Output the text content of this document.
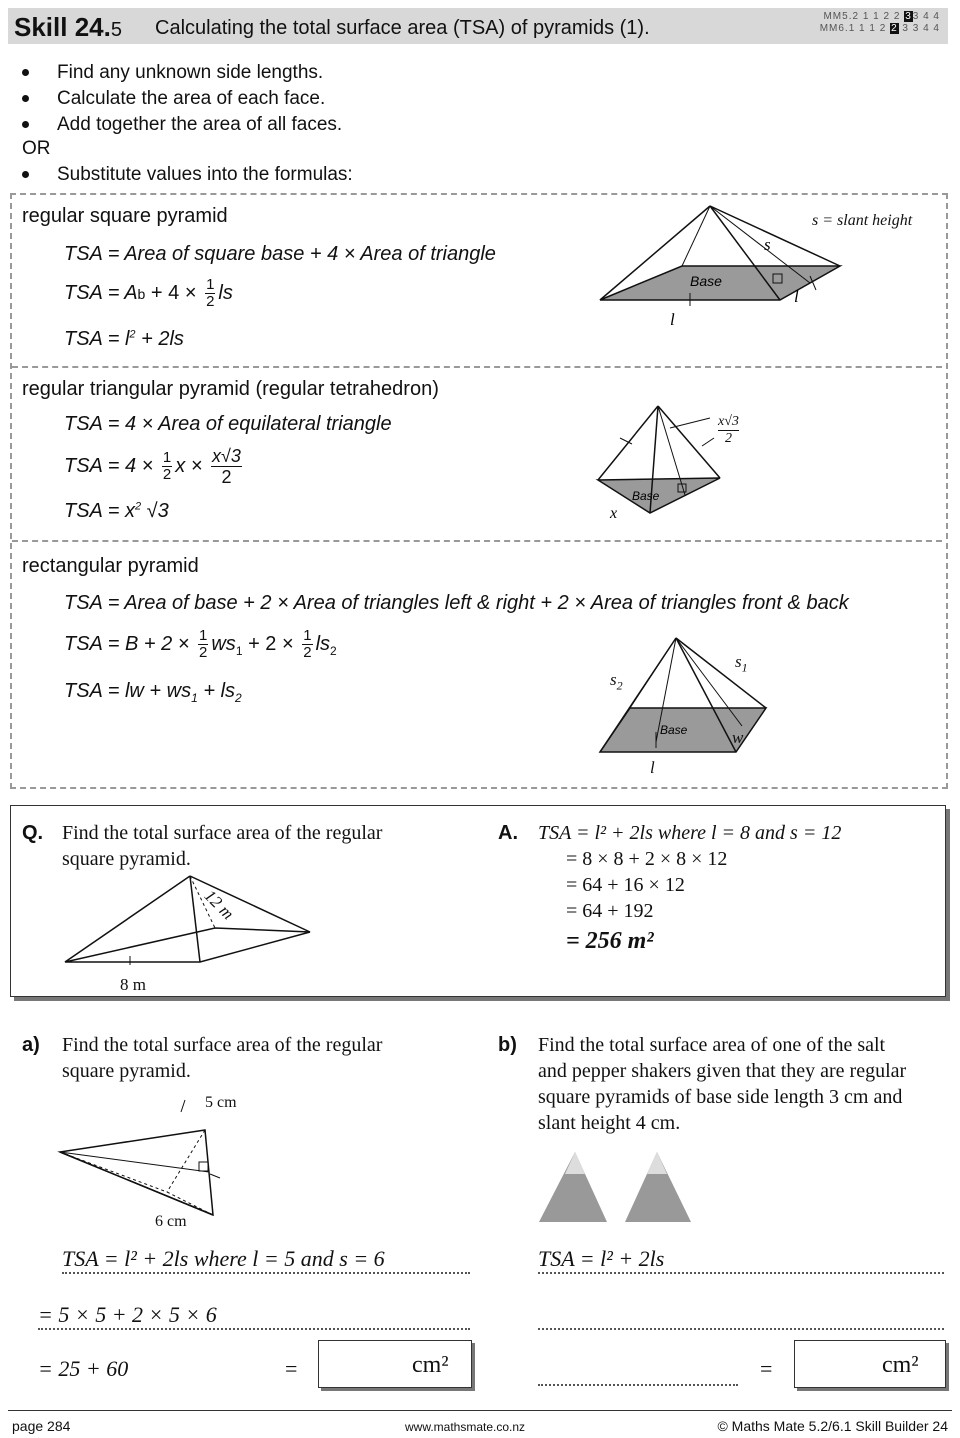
Skill 24.5 Calculating the total surface area (TSA) of pyramids (1).
MM5.2 1 1 2 2 33 4 4
MM6.1 1 1 2 2 3 3 4 4
Find any unknown side lengths.
Calculate the area of each face.
Add together the area of all faces.
OR
Substitute values into the formulas:
regular square pyramid
TSA = Area of square base + 4 × Area of triangle
TSA = $Ab + 4 \times \frac{1}{2}$ ls
TSA = $l^2 + 2ls$
Base
s
l
l
s = slant height
regular triangular pyramid (regular tetrahedron)
TSA = 4 × Area of equilateral triangle
TSA = $4 \times \frac{1}{2}$ $x \times \frac{x√3}{2}$
TSA = $x^2$ √3
Base
x
x√3
2
rectangular pyramid
TSA = Area of base + 2 × Area of triangles left & right + 2 × Area of triangles front & back
TSA = $B + 2 \times \frac{1}{2} ws_1 + 2 \times \frac{1}{2} ls_2$
TSA = lw + $ws_1 + ls_2$
Base
$s_2$
$s_1$
w
l
Q. Find the total surface area of the regular
square pyramid.
12 m
8 m
A. TSA = l² + 2ls where l = 8 and s = 12
= 8 × 8 + 2 × 8 × 12
= 64 + 16 × 12
= 64 + 192
= 256 m²
a) Find the total surface area of the regular
square pyramid.
5 cm
6 cm
TSA = l² + 2ls where l = 5 and s = 6
= 5 × 5 + 2 × 5 × 6
= 25 + 60	=	cm²
b) Find the total surface area of one of the salt
and pepper shakers given that they are regular
square pyramids of base side length 3 cm and
slant height 4 cm.
TSA = l² + 2ls
=	cm²
page 284	www.mathsmate.co.nz	© Maths Mate 5.2/6.1 Skill Builder 24
